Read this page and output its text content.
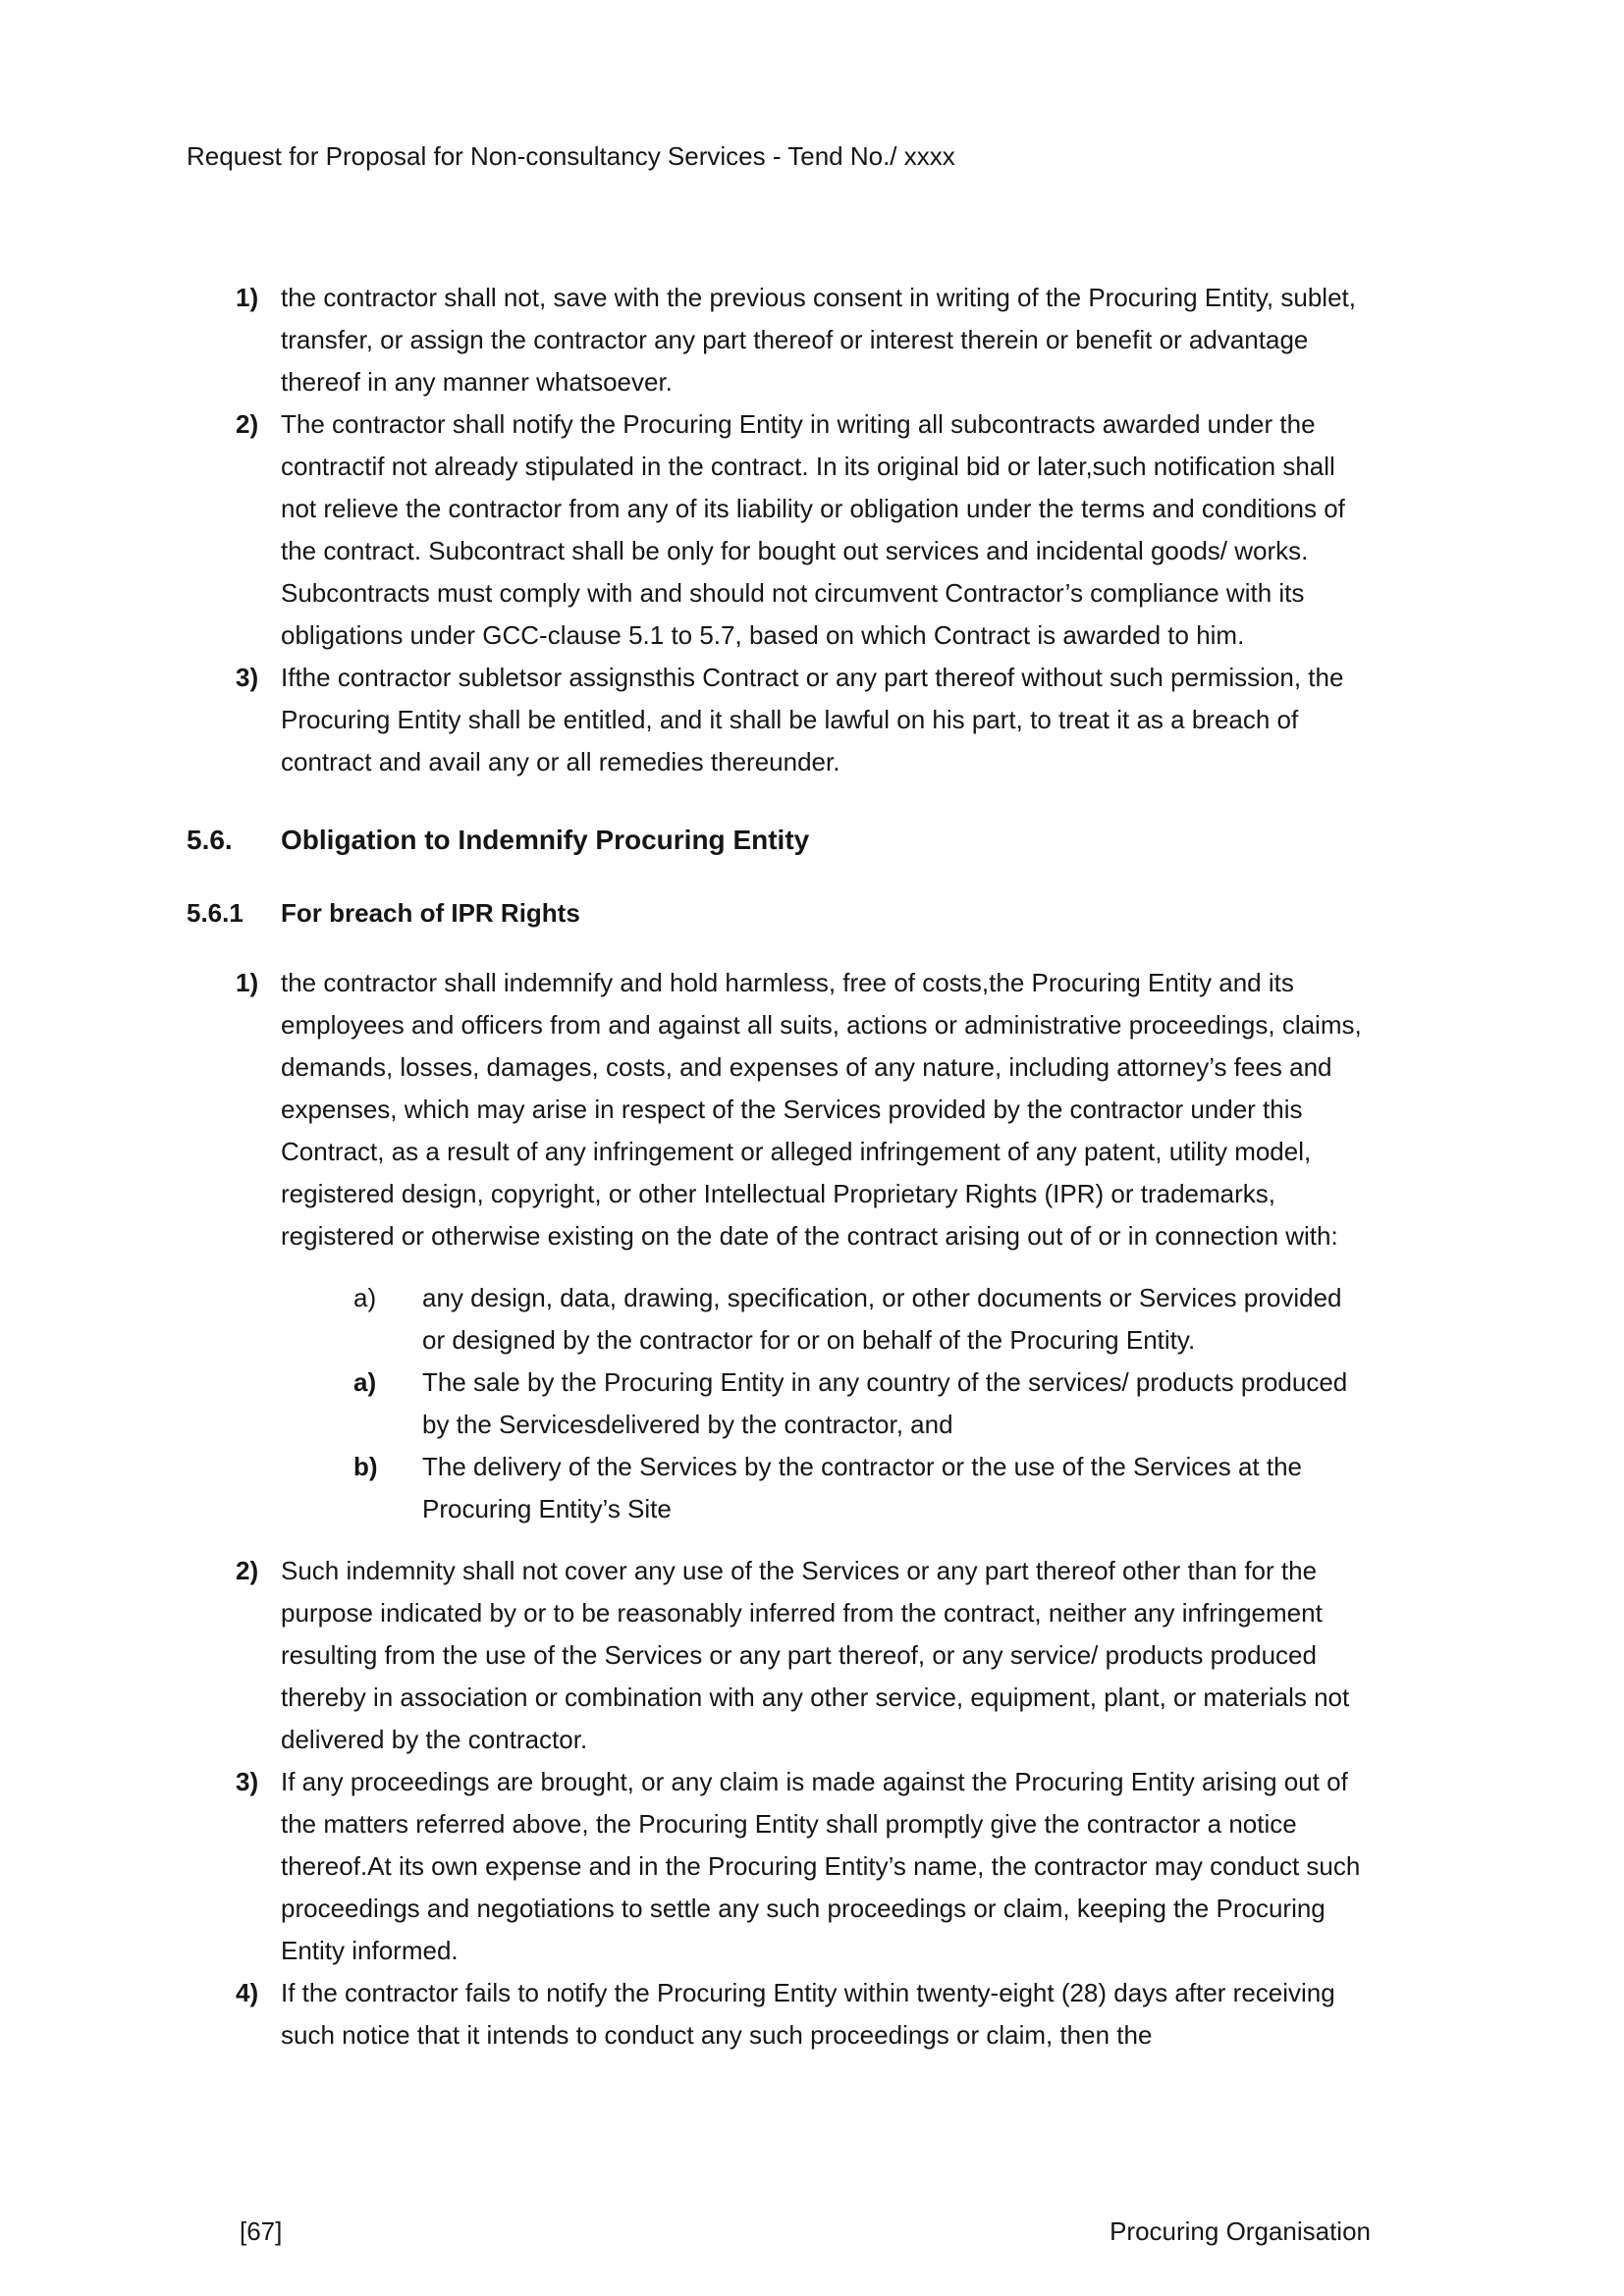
Request for Proposal for Non-consultancy Services - Tend No./ xxxx
1) the contractor shall not, save with the previous consent in writing of the Procuring Entity, sublet, transfer, or assign the contractor any part thereof or interest therein or benefit or advantage thereof in any manner whatsoever.
2) The contractor shall notify the Procuring Entity in writing all subcontracts awarded under the contractif not already stipulated in the contract. In its original bid or later,such notification shall not relieve the contractor from any of its liability or obligation under the terms and conditions of the contract. Subcontract shall be only for bought out services and incidental goods/ works. Subcontracts must comply with and should not circumvent Contractor’s compliance with its obligations under GCC-clause 5.1 to 5.7, based on which Contract is awarded to him.
3) Ifthe contractor subletsor assignsthis Contract or any part thereof without such permission, the Procuring Entity shall be entitled, and it shall be lawful on his part, to treat it as a breach of contract and avail any or all remedies thereunder.
5.6.	Obligation to Indemnify Procuring Entity
5.6.1	For breach of IPR Rights
1) the contractor shall indemnify and hold harmless, free of costs,the Procuring Entity and its employees and officers from and against all suits, actions or administrative proceedings, claims, demands, losses, damages, costs, and expenses of any nature, including attorney’s fees and expenses, which may arise in respect of the Services provided by the contractor under this Contract, as a result of any infringement or alleged infringement of any patent, utility model, registered design, copyright, or other Intellectual Proprietary Rights (IPR) or trademarks, registered or otherwise existing on the date of the contract arising out of or in connection with:
a)	any design, data, drawing, specification, or other documents or Services provided or designed by the contractor for or on behalf of the Procuring Entity.
a)	The sale by the Procuring Entity in any country of the services/ products produced by the Servicesdelivered by the contractor, and
b)	The delivery of the Services by the contractor or the use of the Services at the Procuring Entity’s Site
2) Such indemnity shall not cover any use of the Services or any part thereof other than for the purpose indicated by or to be reasonably inferred from the contract, neither any infringement resulting from the use of the Services or any part thereof, or any service/ products produced thereby in association or combination with any other service, equipment, plant, or materials not delivered by the contractor.
3) If any proceedings are brought, or any claim is made against the Procuring Entity arising out of the matters referred above, the Procuring Entity shall promptly give the contractor a notice thereof.At its own expense and in the Procuring Entity’s name, the contractor may conduct such proceedings and negotiations to settle any such proceedings or claim, keeping the Procuring Entity informed.
4) If the contractor fails to notify the Procuring Entity within twenty-eight (28) days after receiving such notice that it intends to conduct any such proceedings or claim, then the
[67]	Procuring Organisation
